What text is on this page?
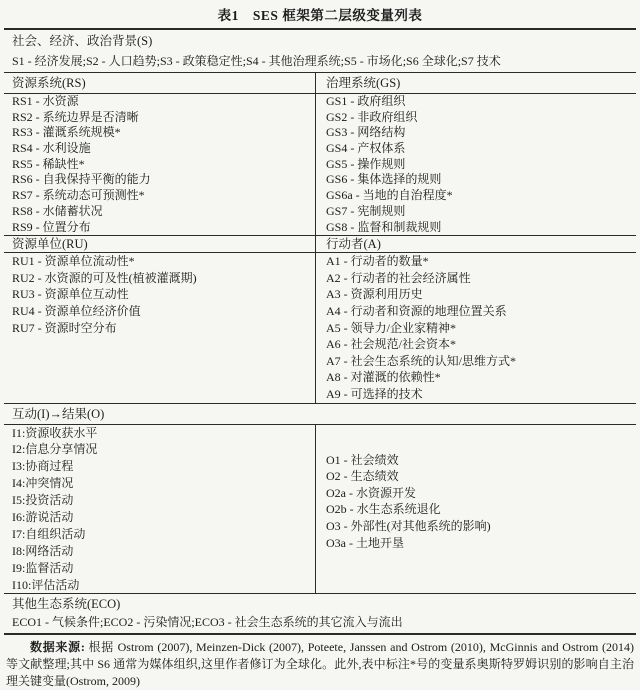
表1　SES 框架第二层级变量列表
社会、经济、政治背景(S)
S1 - 经济发展;S2 - 人口趋势;S3 - 政策稳定性;S4 - 其他治理系统;S5 - 市场化;S6 全球化;S7 技术
资源系统(RS)	治理系统(GS)
RS1 - 水资源
RS2 - 系统边界是否清晰
RS3 - 灌溉系统规模*
RS4 - 水利设施
RS5 - 稀缺性*
RS6 - 自我保持平衡的能力
RS7 - 系统动态可预测性*
RS8 - 水储蓄状况
RS9 - 位置分布
GS1 - 政府组织
GS2 - 非政府组织
GS3 - 网络结构
GS4 - 产权体系
GS5 - 操作规则
GS6 - 集体选择的规则
GS6a - 当地的自治程度*
GS7 - 宪制规则
GS8 - 监督和制裁规则
资源单位(RU)	行动者(A)
RU1 - 资源单位流动性*
RU2 - 水资源的可及性(植被灌溉期)
RU3 - 资源单位互动性
RU4 - 资源单位经济价值
RU7 - 资源时空分布
A1 - 行动者的数量*
A2 - 行动者的社会经济属性
A3 - 资源利用历史
A4 - 行动者和资源的地理位置关系
A5 - 领导力/企业家精神*
A6 - 社会规范/社会资本*
A7 - 社会生态系统的认知/思维方式*
A8 - 对灌溉的依赖性*
A9 - 可选择的技术
互动(I)→结果(O)
I1:资源收获水平
I2:信息分享情况
I3:协商过程
I4:冲突情况
I5:投资活动
I6:游说活动
I7:自组织活动
I8:网络活动
I9:监督活动
I10:评估活动
O1 - 社会绩效
O2 - 生态绩效
O2a - 水资源开发
O2b - 水生态系统退化
O3 - 外部性(对其他系统的影响)
O3a - 土地开垦
其他生态系统(ECO)
ECO1 - 气候条件;ECO2 - 污染情况;ECO3 - 社会生态系统的其它流入与流出
数据来源: 根据 Ostrom (2007), Meinzen-Dick (2007), Poteete, Janssen and Ostrom (2010), McGinnis and Ostrom (2014) 等文献整理;其中 S6 通常为媒体组织,这里作者修订为全球化。此外,表中标注*号的变量系奥斯特罗姆识别的影响自主治理关键变量(Ostrom, 2009)
